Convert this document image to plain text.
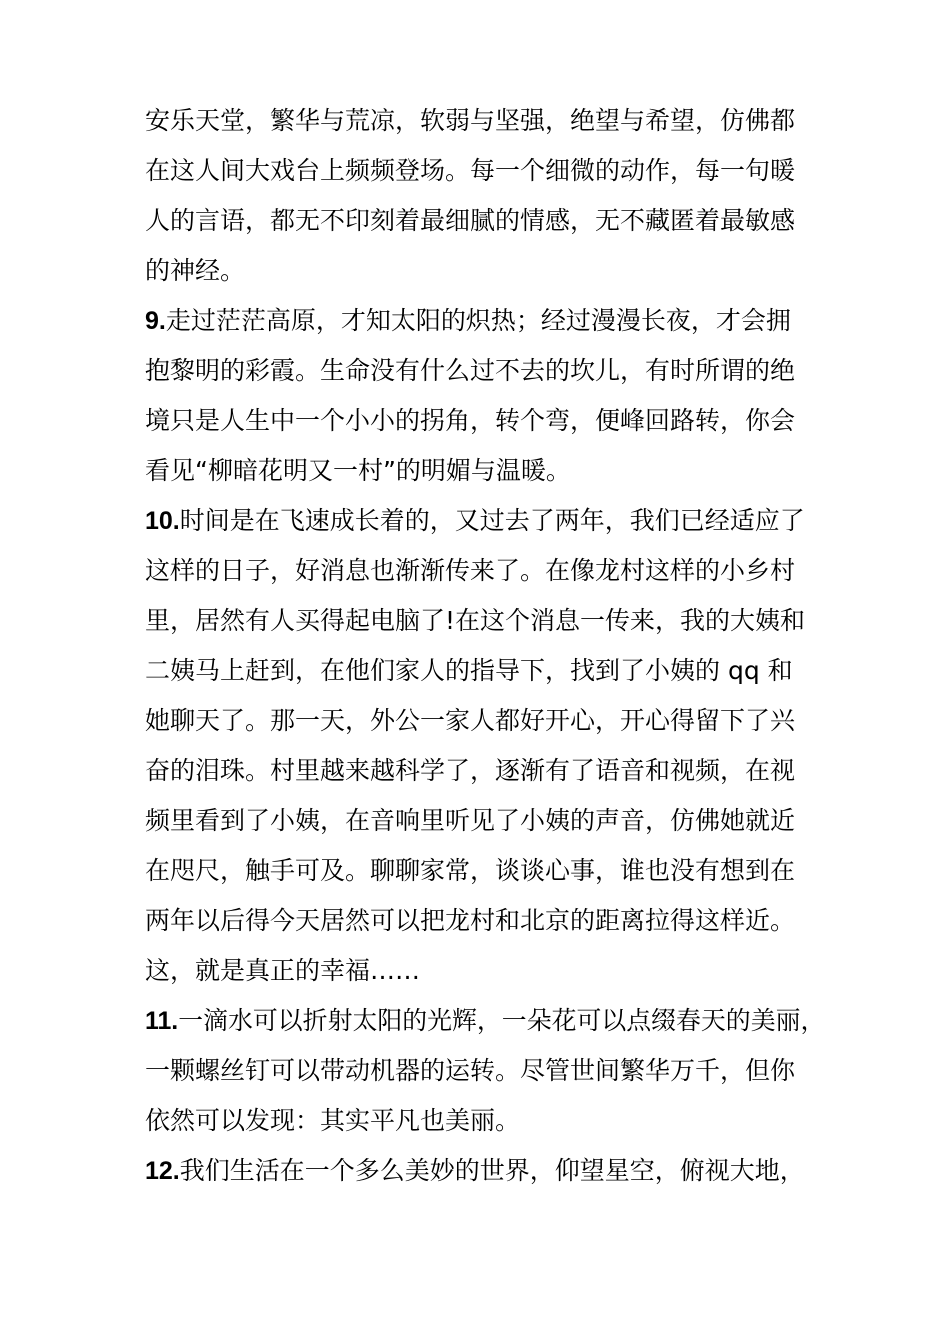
安乐天堂，繁华与荒凉，软弱与坚强，绝望与希望，仿佛都
在这人间大戏台上频频登场。每一个细微的动作，每一句暖
人的言语，都无不印刻着最细腻的情感，无不藏匿着最敏感
的神经。
9.走过茫茫高原，才知太阳的炽热；经过漫漫长夜，才会拥
抱黎明的彩霞。生命没有什么过不去的坎儿，有时所谓的绝
境只是人生中一个小小的拐角，转个弯，便峰回路转，你会
看见“柳暗花明又一村”的明媚与温暖。
10.时间是在飞速成长着的，又过去了两年，我们已经适应了
这样的日子，好消息也渐渐传来了。在像龙村这样的小乡村
里，居然有人买得起电脑了!在这个消息一传来，我的大姨和
二姨马上赶到，在他们家人的指导下，找到了小姨的 qq 和
她聊天了。那一天，外公一家人都好开心，开心得留下了兴
奋的泪珠。村里越来越科学了，逐渐有了语音和视频，在视
频里看到了小姨，在音响里听见了小姨的声音，仿佛她就近
在咫尺，触手可及。聊聊家常，谈谈心事，谁也没有想到在
两年以后得今天居然可以把龙村和北京的距离拉得这样近。
这，就是真正的幸福……
11.一滴水可以折射太阳的光辉，一朵花可以点缀春天的美丽，
一颗螺丝钉可以带动机器的运转。尽管世间繁华万千，但你
依然可以发现：其实平凡也美丽。
12.我们生活在一个多么美妙的世界，仰望星空，俯视大地，
